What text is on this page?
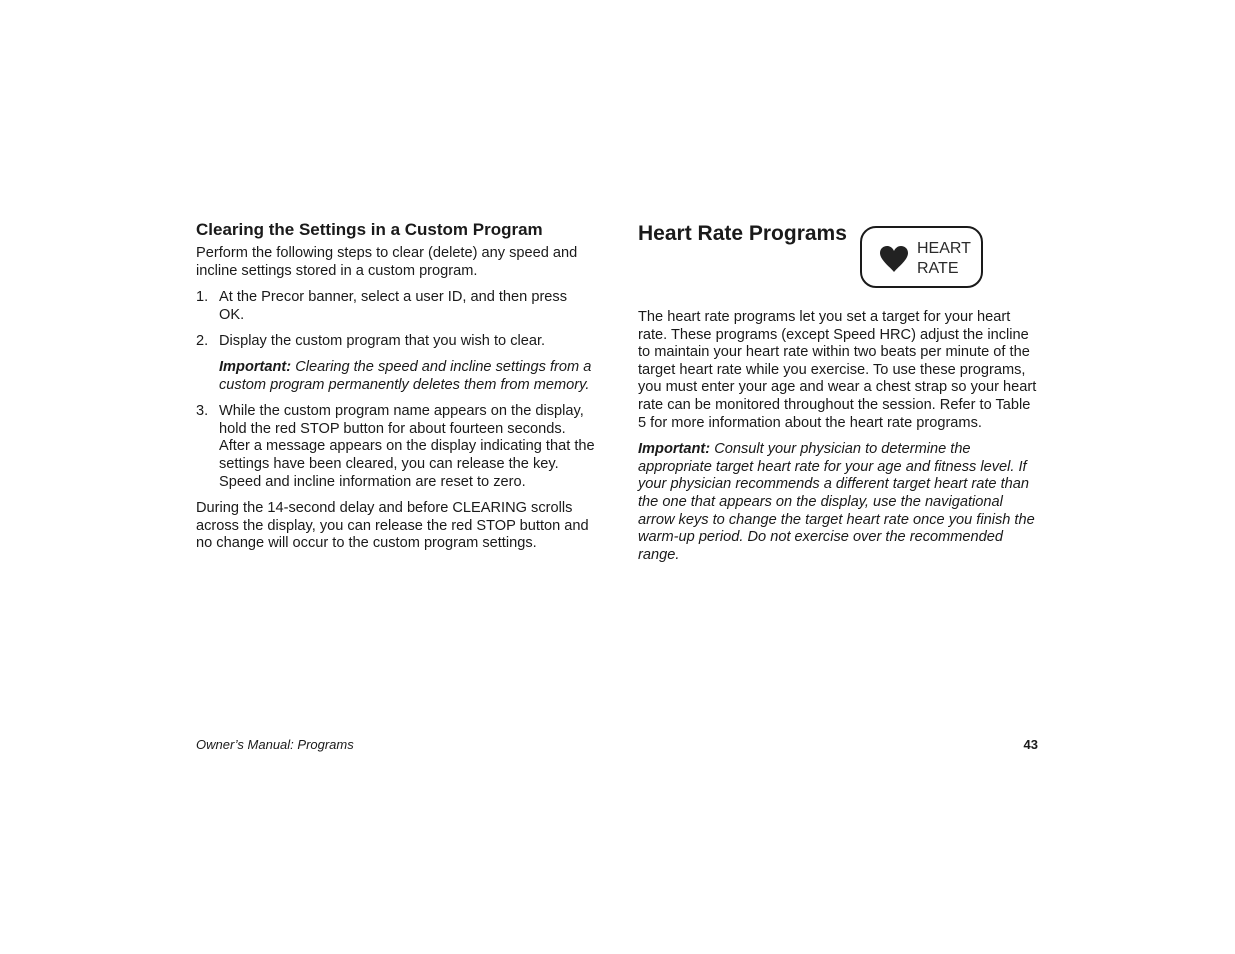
Clearing the Settings in a Custom Program

Perform the following steps to clear (delete) any speed and incline settings stored in a custom program.

1. At the Precor banner, select a user ID, and then press OK.
2. Display the custom program that you wish to clear.

Important: Clearing the speed and incline settings from a custom program permanently deletes them from memory.

3. While the custom program name appears on the display, hold the red STOP button for about fourteen seconds. After a message appears on the display indicating that the settings have been cleared, you can release the key. Speed and incline information are reset to zero.

During the 14-second delay and before CLEARING scrolls across the display, you can release the red STOP button and no change will occur to the custom program settings.

Heart Rate Programs
HEART
RATE

The heart rate programs let you set a target for your heart rate. These programs (except Speed HRC) adjust the incline to maintain your heart rate within two beats per minute of the target heart rate while you exercise. To use these programs, you must enter your age and wear a chest strap so your heart rate can be monitored throughout the session. Refer to Table 5 for more information about the heart rate programs.

Important: Consult your physician to determine the appropriate target heart rate for your age and fitness level. If your physician recommends a different target heart rate than the one that appears on the display, use the navigational arrow keys to change the target heart rate once you finish the warm-up period. Do not exercise over the recommended range.

Owner’s Manual: Programs	43
